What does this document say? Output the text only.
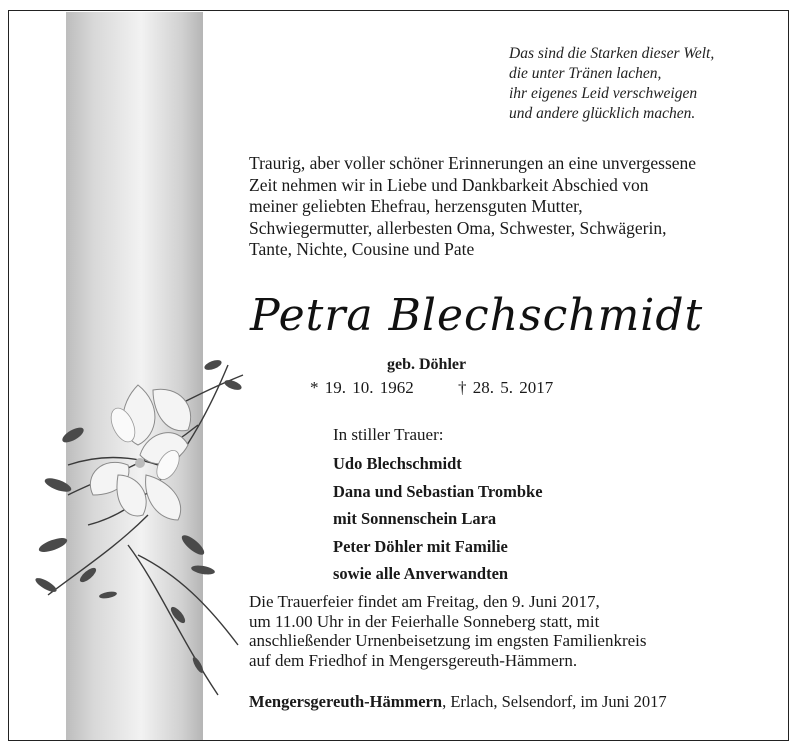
Das sind die Starken dieser Welt,
die unter Tränen lachen,
ihr eigenes Leid verschweigen
und andere glücklich machen.
Traurig, aber voller schöner Erinnerungen an eine unvergessene
Zeit nehmen wir in Liebe und Dankbarkeit Abschied von
meiner geliebten Ehefrau, herzensguten Mutter,
Schwiegermutter, allerbesten Oma, Schwester, Schwägerin,
Tante, Nichte, Cousine und Pate
Petra Blechschmidt
geb. Döhler
* 19. 10. 1962	† 28. 5. 2017
In stiller Trauer:
Udo Blechschmidt
Dana und Sebastian Trombke
mit Sonnenschein Lara
Peter Döhler mit Familie
sowie alle Anverwandten
Die Trauerfeier findet am Freitag, den 9. Juni 2017,
um 11.00 Uhr in der Feierhalle Sonneberg statt, mit
anschließender Urnenbeisetzung im engsten Familienkreis
auf dem Friedhof in Mengersgereuth-Hämmern.
Mengersgereuth-Hämmern, Erlach, Selsendorf, im Juni 2017
